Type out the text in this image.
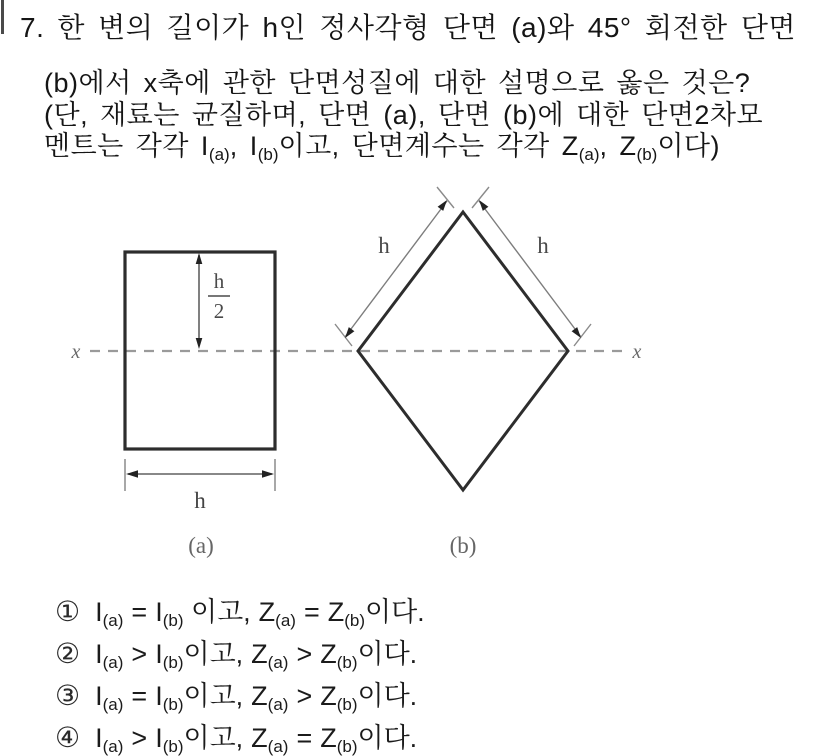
7. 한 변의 길이가 h인 정사각형 단면 (a)와 45° 회전한 단면
(b)에서 x축에 관한 단면성질에 대한 설명으로 옳은 것은?
(단, 재료는 균질하며, 단면 (a), 단면 (b)에 대한 단면2차모
멘트는 각각 I(a), I(b)이고, 단면계수는 각각 Z(a), Z(b)이다)
x	x
h
2
h
(a)
h	h
(b)
① I(a) = I(b) 이고, Z(a) = Z(b)이다.
② I(a) > I(b)이고, Z(a) > Z(b)이다.
③ I(a) = I(b)이고, Z(a) > Z(b)이다.
④ I(a) > I(b)이고, Z(a) = Z(b)이다.
